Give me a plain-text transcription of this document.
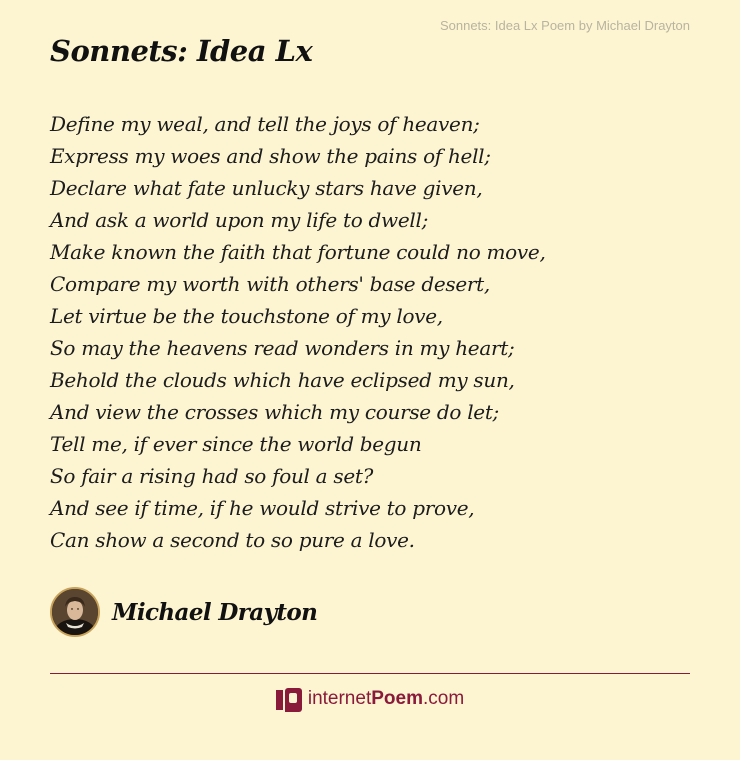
Sonnets: Idea Lx Poem by Michael Drayton
Sonnets: Idea Lx
Define my weal, and tell the joys of heaven;
Express my woes and show the pains of hell;
Declare what fate unlucky stars have given,
And ask a world upon my life to dwell;
Make known the faith that fortune could no move,
Compare my worth with others' base desert,
Let virtue be the touchstone of my love,
So may the heavens read wonders in my heart;
Behold the clouds which have eclipsed my sun,
And view the crosses which my course do let;
Tell me, if ever since the world begun
So fair a rising had so foul a set?
And see if time, if he would strive to prove,
Can show a second to so pure a love.
Michael Drayton
internet Poem .com
